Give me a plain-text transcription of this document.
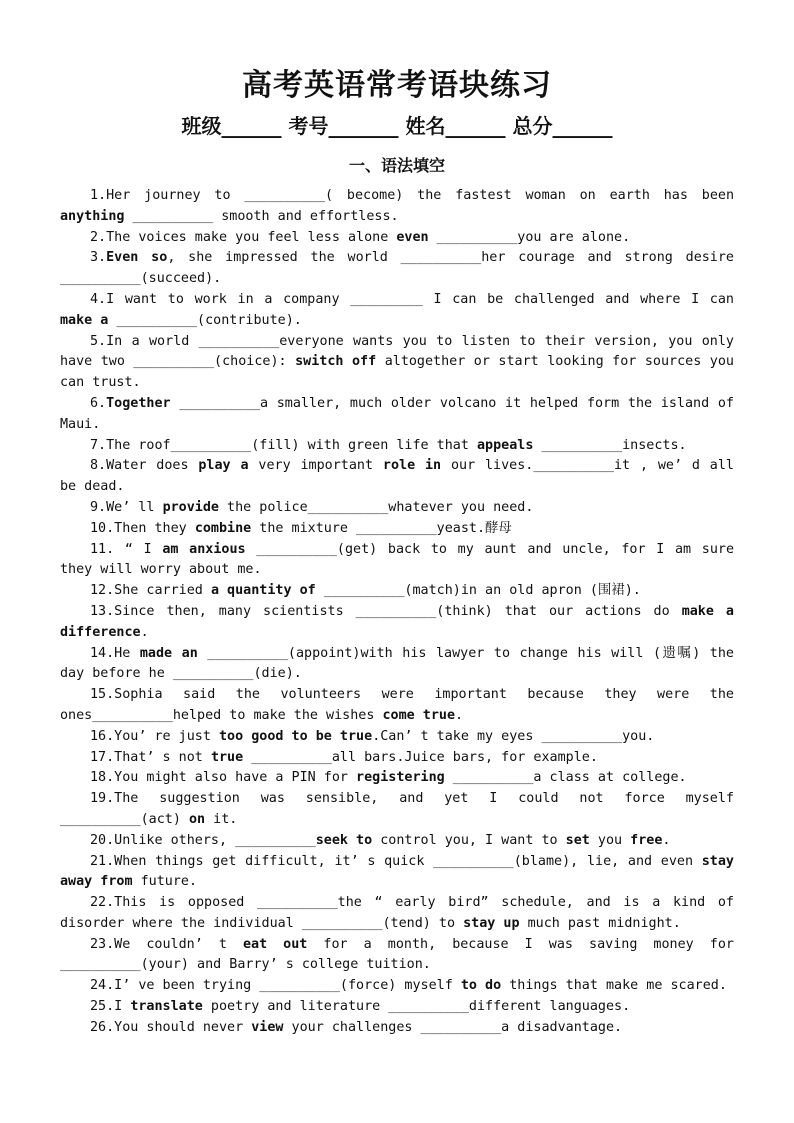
高考英语常考语块练习
班级______ 考号_______ 姓名______ 总分______
一、语法填空

1.Her journey to __________( become) the fastest woman on earth has been anything __________ smooth and effortless.

2.The voices make you feel less alone even __________you are alone.

3.Even so, she impressed the world __________her courage and strong desire __________(succeed).

4.I want to work in a company _________ I can be challenged and where I can make a __________(contribute).

5.In a world __________everyone wants you to listen to their version, you only have two __________(choice): switch off altogether or start looking for sources you can trust.

6.Together __________a smaller, much older volcano it helped form the island of Maui.

7.The roof__________(fill) with green life that appeals __________insects.

8.Water does play a very important role in our lives.__________it , we’ d all be dead.

9.We’ ll provide the police__________whatever you need.

10.Then they combine the mixture __________yeast.酵母

11. “ I am anxious __________(get) back to my aunt and uncle, for I am sure they will worry about me.

12.She carried a quantity of __________(match)in an old apron (围裙).

13.Since then, many scientists __________(think) that our actions do make a difference.

14.He made an __________(appoint)with his lawyer to change his will (遗嘱) the day before he __________(die).

15.Sophia said the volunteers were important because they were the ones__________helped to make the wishes come true.

16.You’ re just too good to be true.Can’ t take my eyes __________you.

17.That’ s not true __________all bars.Juice bars, for example.

18.You might also have a PIN for registering __________a class at college.

19.The suggestion was sensible, and yet I could not force myself __________(act) on it.

20.Unlike others, __________seek to control you, I want to set you free.

21.When things get difficult, it’ s quick __________(blame), lie, and even stay away from future.

22.This is opposed __________the “ early bird” schedule, and is a kind of disorder where the individual __________(tend) to stay up much past midnight.

23.We couldn’ t eat out for a month, because I was saving money for __________(your) and Barry’ s college tuition.

24.I’ ve been trying __________(force) myself to do things that make me scared.

25.I translate poetry and literature __________different languages.

26.You should never view your challenges __________a disadvantage.
